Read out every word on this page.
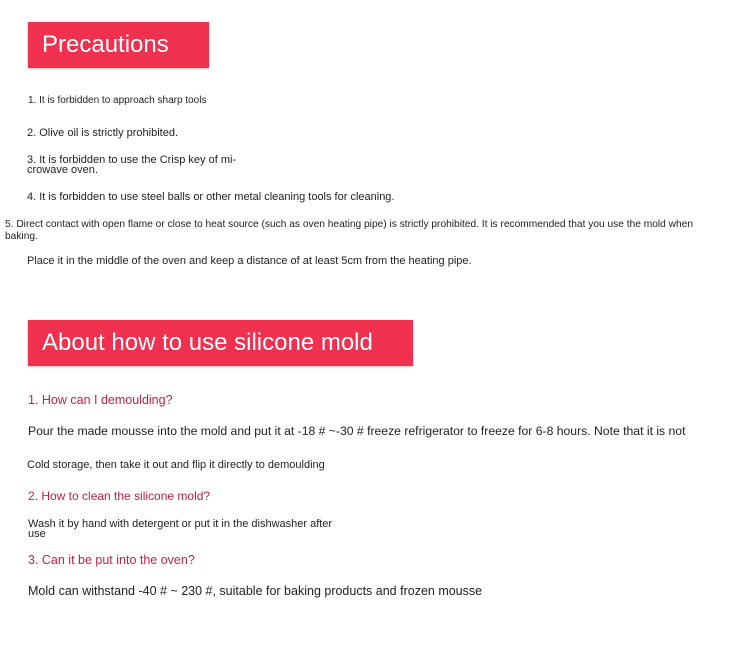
Precautions
1. It is forbidden to approach sharp tools
2. Olive oil is strictly prohibited.
3. It is forbidden to use the Crisp key of mi-
crowave oven.
4. It is forbidden to use steel balls or other metal cleaning tools for cleaning.
5. Direct contact with open flame or close to heat source (such as oven heating pipe) is strictly prohibited. It is recommended that you use the mold when
baking.
Place it in the middle of the oven and keep a distance of at least 5cm from the heating pipe.
About how to use silicone mold
1. How can I demoulding?
Pour the made mousse into the mold and put it at -18 # ~-30 # freeze refrigerator to freeze for 6-8 hours. Note that it is not
Cold storage, then take it out and flip it directly to demoulding
2. How to clean the silicone mold?
Wash it by hand with detergent or put it in the dishwasher after
use
3. Can it be put into the oven?
Mold can withstand -40 # ~ 230 #, suitable for baking products and frozen mousse
